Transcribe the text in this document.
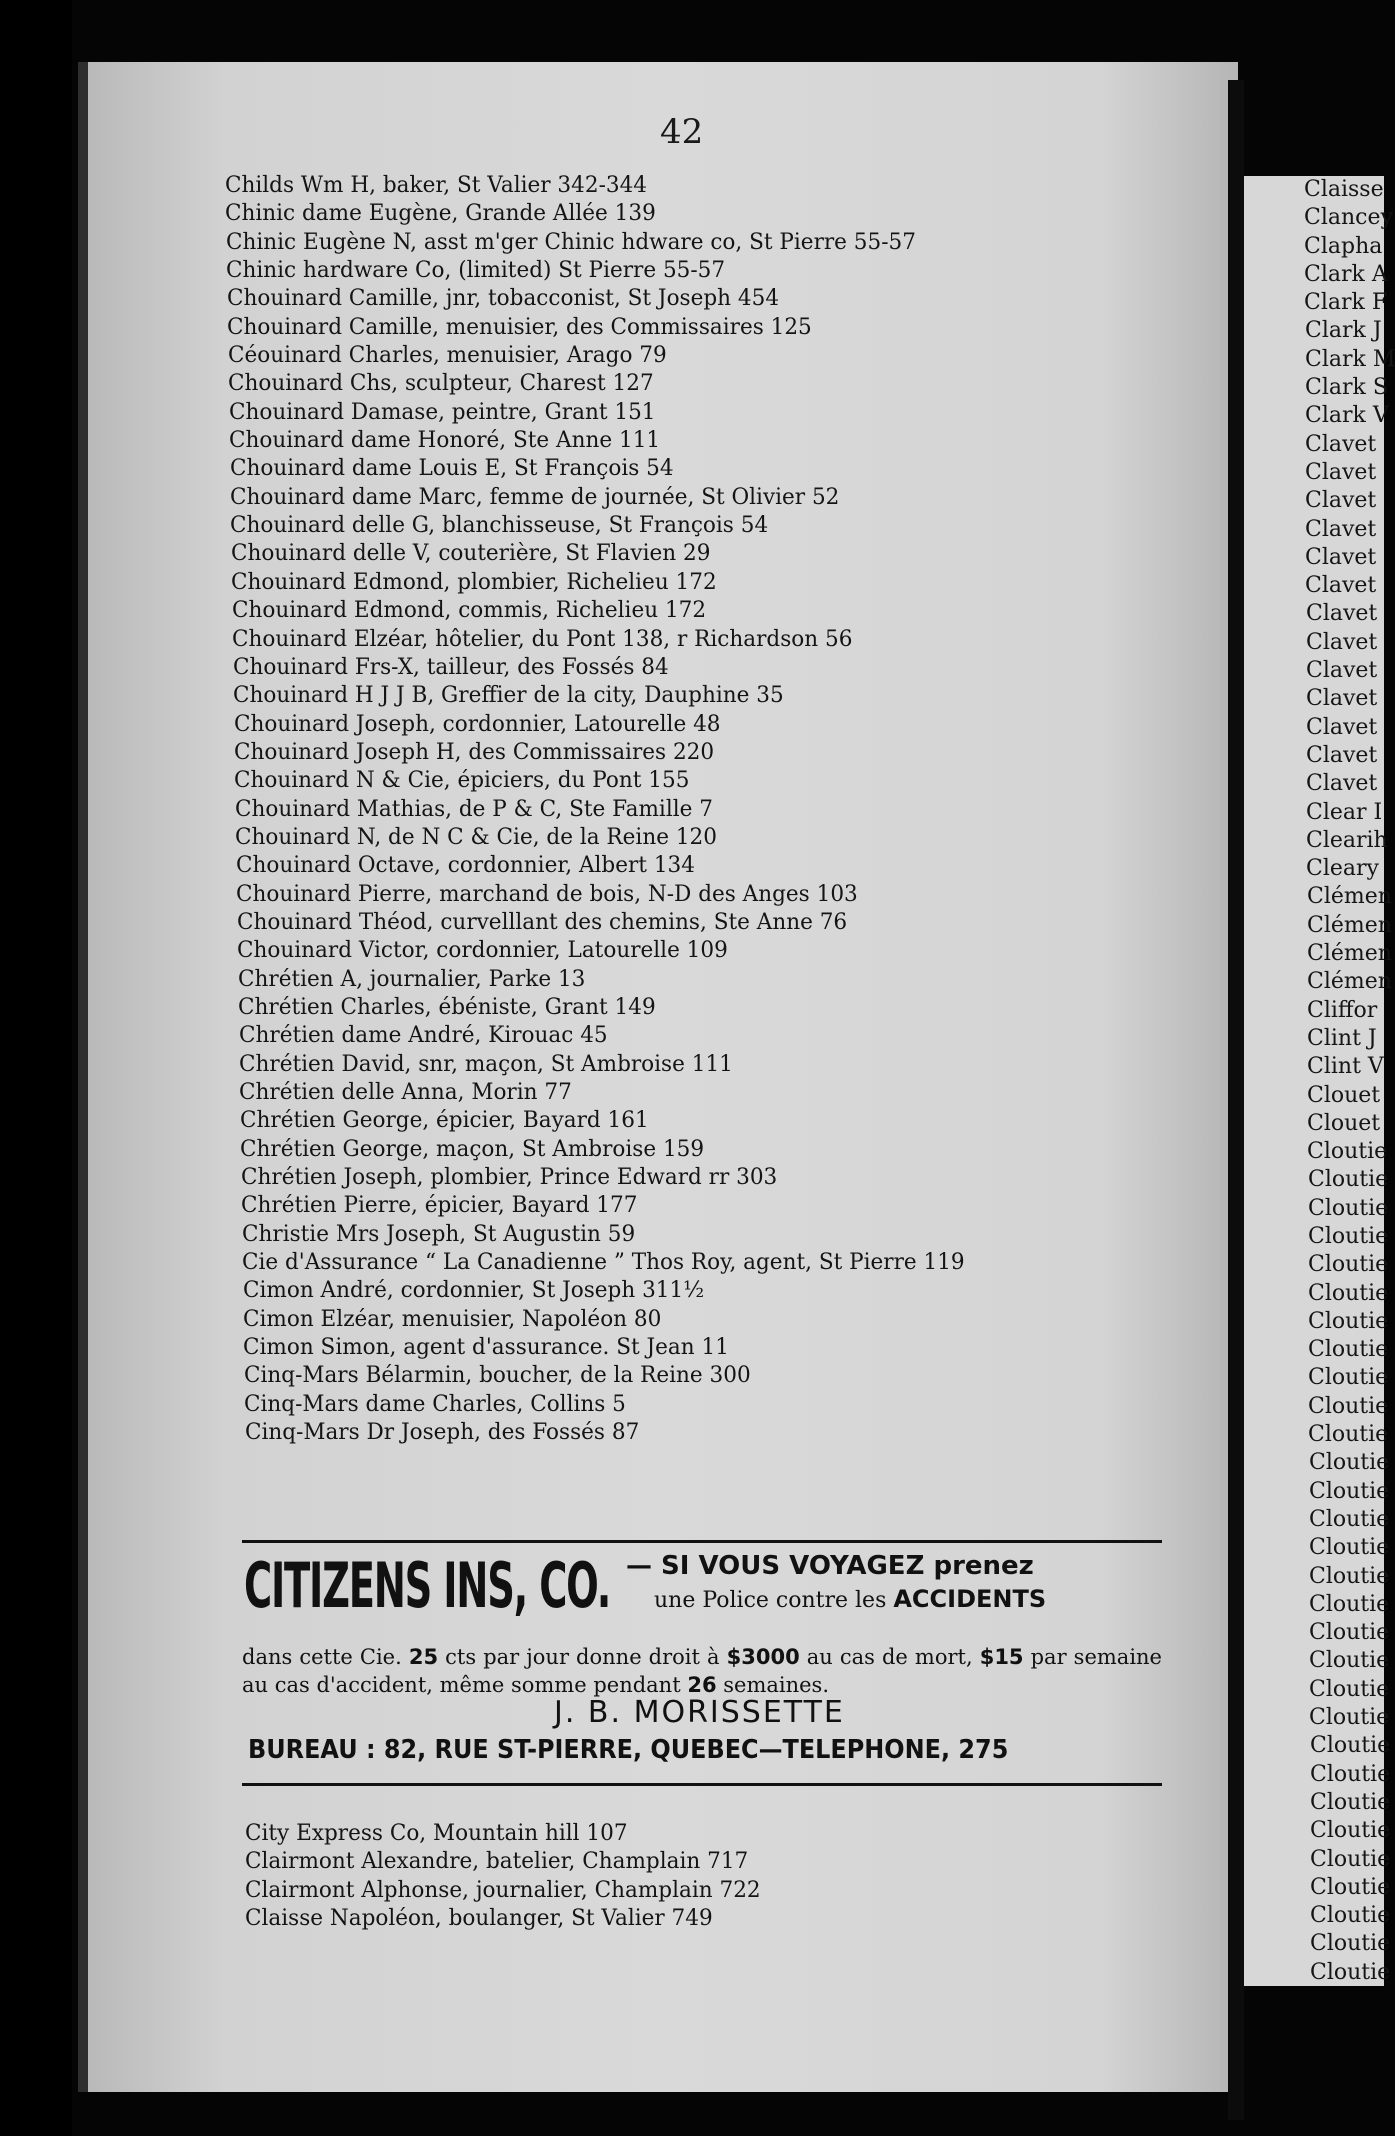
Claisse
Clancey
Clapha
Clark A
Clark F
Clark J
Clark M
Clark S
Clark V
Clavet
Clavet
Clavet
Clavet
Clavet
Clavet
Clavet
Clavet
Clavet
Clavet
Clavet
Clavet
Clavet
Clear I
Clearih
Cleary
Clémen
Clémen
Clémen
Clémen
Cliffor
Clint J
Clint V
Clouet
Clouet
Cloutie
Cloutie
Cloutie
Cloutie
Cloutie
Cloutie
Cloutie
Cloutie
Cloutie
Cloutie
Cloutie
Cloutie
Cloutie
Cloutie
Cloutie
Cloutie
Cloutie
Cloutie
Cloutie
Cloutie
Cloutie
Cloutie
Cloutie
Cloutie
Cloutie
Cloutie
Cloutie
Cloutie
Cloutie
Cloutie
42
Childs Wm H, baker, St Valier 342-344
Chinic dame Eugène, Grande Allée 139
Chinic Eugène N, asst m'ger Chinic hdware co, St Pierre 55-57
Chinic hardware Co, (limited) St Pierre 55-57
Chouinard Camille, jnr, tobacconist, St Joseph 454
Chouinard Camille, menuisier, des Commissaires 125
Céouinard Charles, menuisier, Arago 79
Chouinard Chs, sculpteur, Charest 127
Chouinard Damase, peintre, Grant 151
Chouinard dame Honoré, Ste Anne 111
Chouinard dame Louis E, St François 54
Chouinard dame Marc, femme de journée, St Olivier 52
Chouinard delle G, blanchisseuse, St François 54
Chouinard delle V, couterière, St Flavien 29
Chouinard Edmond, plombier, Richelieu 172
Chouinard Edmond, commis, Richelieu 172
Chouinard Elzéar, hôtelier, du Pont 138, r Richardson 56
Chouinard Frs-X, tailleur, des Fossés 84
Chouinard H J J B, Greffier de la city, Dauphine 35
Chouinard Joseph, cordonnier, Latourelle 48
Chouinard Joseph H, des Commissaires 220
Chouinard N & Cie, épiciers, du Pont 155
Chouinard Mathias, de P & C, Ste Famille 7
Chouinard N, de N C & Cie, de la Reine 120
Chouinard Octave, cordonnier, Albert 134
Chouinard Pierre, marchand de bois, N-D des Anges 103
Chouinard Théod, curvelllant des chemins, Ste Anne 76
Chouinard Victor, cordonnier, Latourelle 109
Chrétien A, journalier, Parke 13
Chrétien Charles, ébéniste, Grant 149
Chrétien dame André, Kirouac 45
Chrétien David, snr, maçon, St Ambroise 111
Chrétien delle Anna, Morin 77
Chrétien George, épicier, Bayard 161
Chrétien George, maçon, St Ambroise 159
Chrétien Joseph, plombier, Prince Edward rr 303
Chrétien Pierre, épicier, Bayard 177
Christie Mrs Joseph, St Augustin 59
Cie d'Assurance “ La Canadienne ” Thos Roy, agent, St Pierre 119
Cimon André, cordonnier, St Joseph 311½
Cimon Elzéar, menuisier, Napoléon 80
Cimon Simon, agent d'assurance. St Jean 11
Cinq-Mars Bélarmin, boucher, de la Reine 300
Cinq-Mars dame Charles, Collins 5
Cinq-Mars Dr Joseph, des Fossés 87
CITIZENS INS, CO. — SI VOUS VOYAGEZ prenez
une Police contre les ACCIDENTS
dans cette Cie. 25 cts par jour donne droit à $3000 au cas de mort, $15 par semaine au cas d'accident, même somme pendant 26 semaines.
J. B. MORISSETTE
BUREAU : 82, RUE ST-PIERRE, QUEBEC—TELEPHONE, 275
City Express Co, Mountain hill 107
Clairmont Alexandre, batelier, Champlain 717
Clairmont Alphonse, journalier, Champlain 722
Claisse Napoléon, boulanger, St Valier 749
